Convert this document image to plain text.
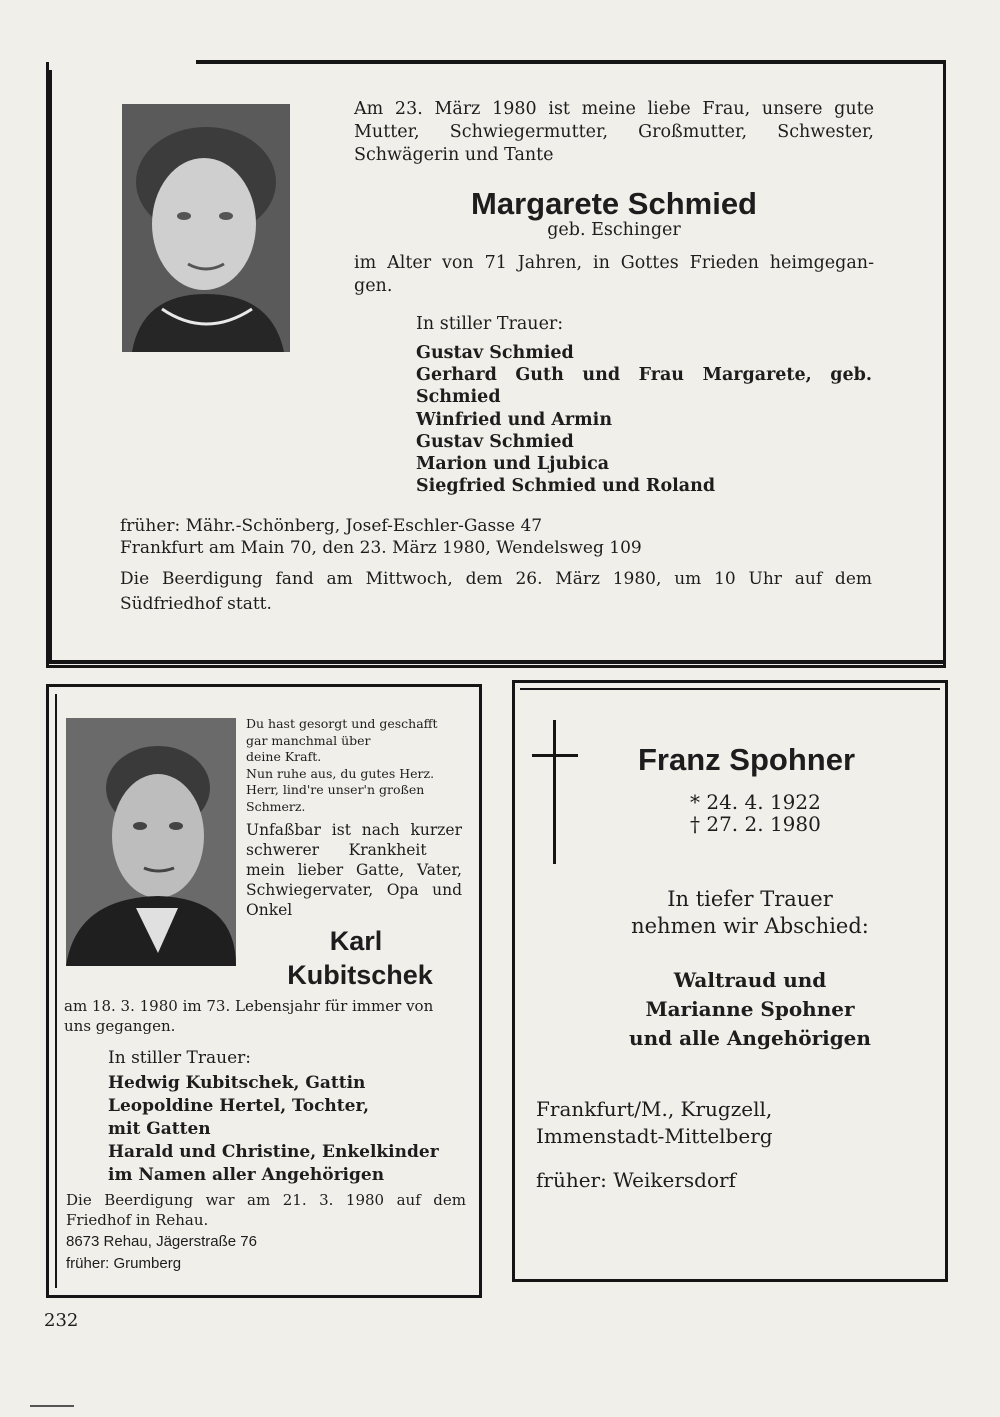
Am 23. März 1980 ist meine liebe Frau, unsere gute
Mutter, Schwiegermutter, Großmutter, Schwester,
Schwägerin und Tante
Margarete Schmied
geb. Eschinger
im Alter von 71 Jahren, in Gottes Frieden heimgegan-
gen.
In stiller Trauer:
Gustav Schmied
Gerhard Guth und Frau Margarete, geb.
Schmied
Winfried und Armin
Gustav Schmied
Marion und Ljubica
Siegfried Schmied und Roland
früher: Mähr.-Schönberg, Josef-Eschler-Gasse 47
Frankfurt am Main 70, den 23. März 1980, Wendelsweg 109
Die Beerdigung fand am Mittwoch, dem 26. März 1980, um 10 Uhr auf dem
Südfriedhof statt.
Du hast gesorgt und geschafft
gar manchmal über
deine Kraft.
Nun ruhe aus, du gutes Herz.
Herr, lind're unser'n großen
Schmerz.
Unfaßbar ist nach kurzer
schwerer      Krankheit
mein lieber Gatte, Vater,
Schwiegervater, Opa und
Onkel
Karl
Kubitschek
am 18. 3. 1980 im 73. Lebensjahr für immer von
uns gegangen.
In stiller Trauer:
Hedwig Kubitschek, Gattin
Leopoldine Hertel, Tochter,
mit Gatten
Harald und Christine, Enkelkinder
im Namen aller Angehörigen
Die Beerdigung war am 21. 3. 1980 auf dem
Friedhof in Rehau.
8673 Rehau, Jägerstraße 76
früher: Grumberg
Franz Spohner
* 24. 4. 1922
† 27. 2. 1980
In tiefer Trauer
nehmen wir Abschied:
Waltraud und
Marianne Spohner
und alle Angehörigen
Frankfurt/M., Krugzell,
Immenstadt-Mittelberg
früher: Weikersdorf
232
